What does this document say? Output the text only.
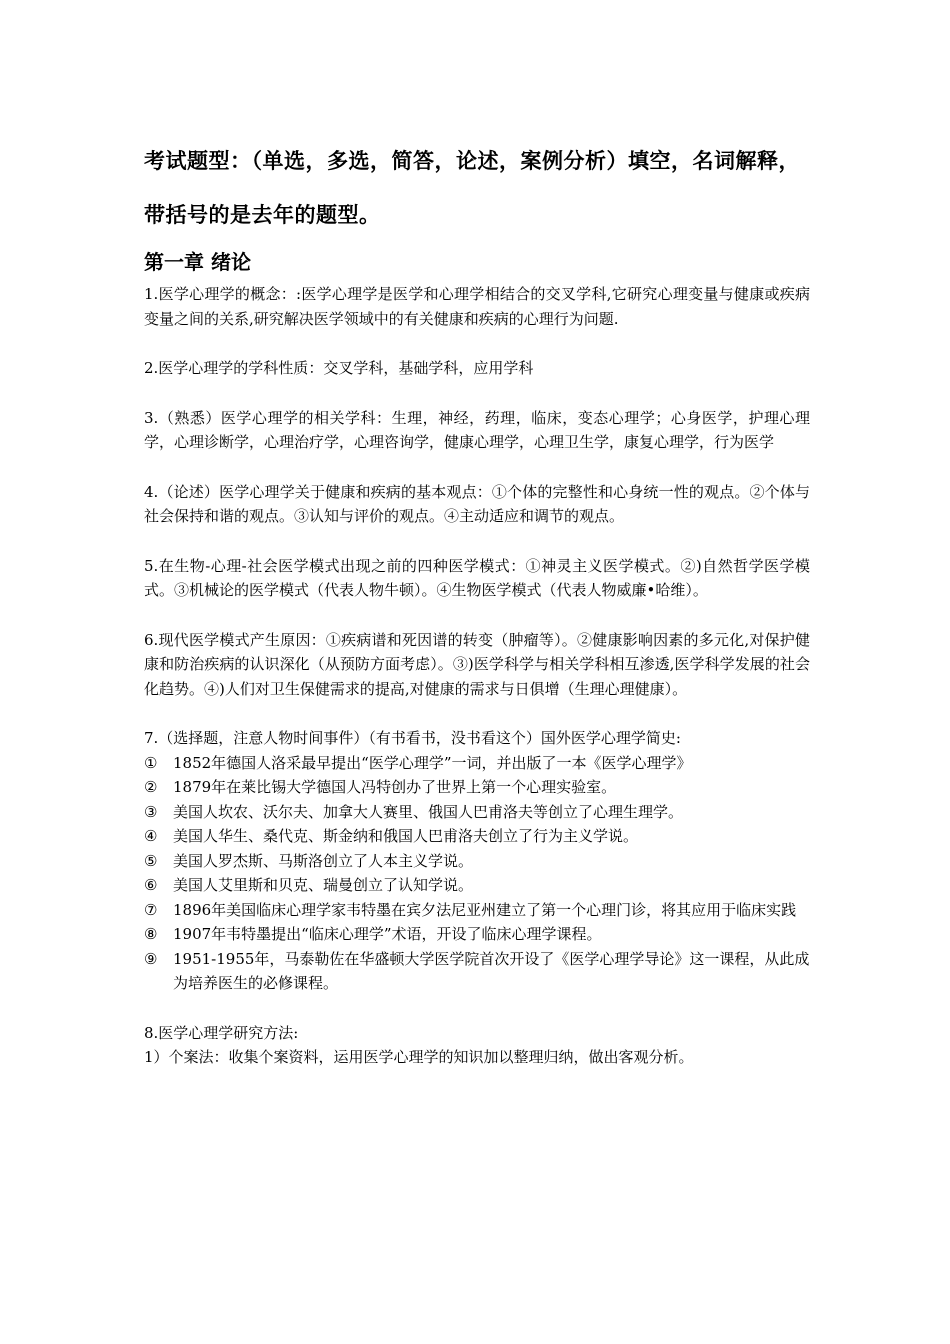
考试题型：（单选，多选，简答，论述，案例分析）填空，名词解释，带括号的是去年的题型。

第一章 绪论

1.医学心理学的概念：:医学心理学是医学和心理学相结合的交叉学科,它研究心理变量与健康或疾病变量之间的关系,研究解决医学领域中的有关健康和疾病的心理行为问题.

2.医学心理学的学科性质：交叉学科，基础学科，应用学科

3.（熟悉）医学心理学的相关学科：生理，神经，药理，临床，变态心理学；心身医学，护理心理学，心理诊断学，心理治疗学，心理咨询学，健康心理学，心理卫生学，康复心理学，行为医学

4.（论述）医学心理学关于健康和疾病的基本观点：①个体的完整性和心身统一性的观点。②个体与社会保持和谐的观点。③认知与评价的观点。④主动适应和调节的观点。

5.在生物-心理-社会医学模式出现之前的四种医学模式：①神灵主义医学模式。②)自然哲学医学模式。③机械论的医学模式（代表人物牛顿）。④生物医学模式（代表人物威廉•哈维）。

6.现代医学模式产生原因：①疾病谱和死因谱的转变（肿瘤等）。②健康影响因素的多元化,对保护健康和防治疾病的认识深化（从预防方面考虑）。③)医学科学与相关学科相互渗透,医学科学发展的社会化趋势。④)人们对卫生保健需求的提高,对健康的需求与日俱增（生理心理健康）。

7.（选择题，注意人物时间事件）（有书看书，没书看这个）国外医学心理学简史:

①	1852年德国人洛采最早提出“医学心理学”一词，并出版了一本《医学心理学》
②	1879年在莱比锡大学德国人冯特创办了世界上第一个心理实验室。
③	美国人坎农、沃尔夫、加拿大人赛里、俄国人巴甫洛夫等创立了心理生理学。
④	美国人华生、桑代克、斯金纳和俄国人巴甫洛夫创立了行为主义学说。
⑤	美国人罗杰斯、马斯洛创立了人本主义学说。
⑥	美国人艾里斯和贝克、瑞曼创立了认知学说。
⑦	1896年美国临床心理学家韦特墨在宾夕法尼亚州建立了第一个心理门诊，将其应用于临床实践
⑧	1907年韦特墨提出“临床心理学”术语，开设了临床心理学课程。
⑨	1951-1955年，马泰勒佐在华盛顿大学医学院首次开设了《医学心理学导论》这一课程，从此成为培养医生的必修课程。

8.医学心理学研究方法:

1）个案法：收集个案资料，运用医学心理学的知识加以整理归纳，做出客观分析。
